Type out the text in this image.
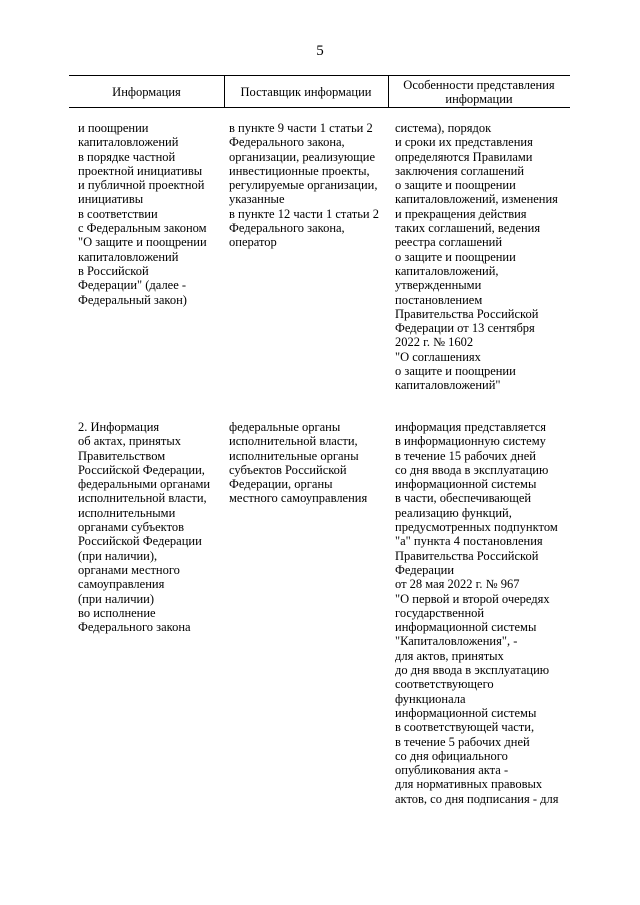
5
Информация	Поставщик информации	Особенности представления информации
и поощрении
капиталовложений
в порядке частной
проектной инициативы
и публичной проектной
инициативы
в соответствии
с Федеральным законом
"О защите и поощрении
капиталовложений
в Российской
Федерации" (далее -
Федеральный закон)
в пункте 9 части 1 статьи 2
Федерального закона,
организации, реализующие
инвестиционные проекты,
регулируемые организации,
указанные
в пункте 12 части 1 статьи 2
Федерального закона,
оператор
система), порядок
и сроки их представления
определяются Правилами
заключения соглашений
о защите и поощрении
капиталовложений, изменения
и прекращения действия
таких соглашений, ведения
реестра соглашений
о защите и поощрении
капиталовложений,
утвержденными
постановлением
Правительства Российской
Федерации от 13 сентября
2022 г. № 1602
"О соглашениях
о защите и поощрении
капиталовложений"
2. Информация
об актах, принятых
Правительством
Российской Федерации,
федеральными органами
исполнительной власти,
исполнительными
органами субъектов
Российской Федерации
(при наличии),
органами местного
самоуправления
(при наличии)
во исполнение
Федерального закона
федеральные органы
исполнительной власти,
исполнительные органы
субъектов Российской
Федерации, органы
местного самоуправления
информация представляется
в информационную систему
в течение 15 рабочих дней
со дня ввода в эксплуатацию
информационной системы
в части, обеспечивающей
реализацию функций,
предусмотренных подпунктом
"а" пункта 4 постановления
Правительства Российской
Федерации
от 28 мая 2022 г. № 967
"О первой и второй очередях
государственной
информационной системы
"Капиталовложения", -
для актов, принятых
до дня ввода в эксплуатацию
соответствующего
функционала
информационной системы
в соответствующей части,
в течение 5 рабочих дней
со дня официального
опубликования акта -
для нормативных правовых
актов, со дня подписания - для
